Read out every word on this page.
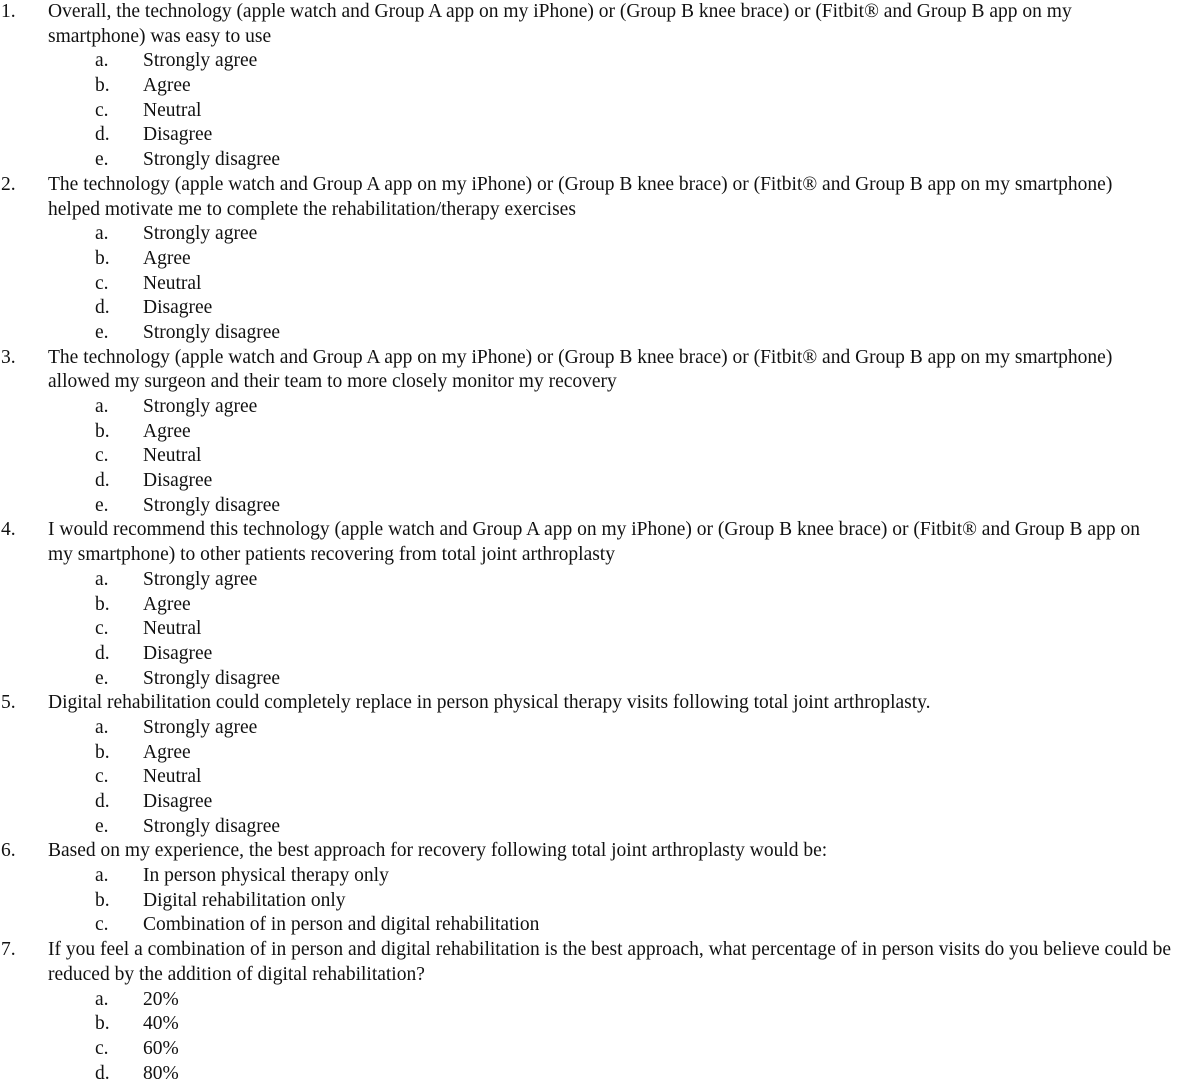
1.	Overall, the technology (apple watch and Group A app on my iPhone) or (Group B knee brace) or (Fitbit® and Group B app on my
smartphone) was easy to use
a. Strongly agree
b. Agree
c. Neutral
d. Disagree
e. Strongly disagree
2.	The technology (apple watch and Group A app on my iPhone) or (Group B knee brace) or (Fitbit® and Group B app on my smartphone)
helped motivate me to complete the rehabilitation/therapy exercises
a. Strongly agree
b. Agree
c. Neutral
d. Disagree
e. Strongly disagree
3.	The technology (apple watch and Group A app on my iPhone) or (Group B knee brace) or (Fitbit® and Group B app on my smartphone)
allowed my surgeon and their team to more closely monitor my recovery
a. Strongly agree
b. Agree
c. Neutral
d. Disagree
e. Strongly disagree
4.	I would recommend this technology (apple watch and Group A app on my iPhone) or (Group B knee brace) or (Fitbit® and Group B app on
my smartphone) to other patients recovering from total joint arthroplasty
a. Strongly agree
b. Agree
c. Neutral
d. Disagree
e. Strongly disagree
5.	Digital rehabilitation could completely replace in person physical therapy visits following total joint arthroplasty.
a. Strongly agree
b. Agree
c. Neutral
d. Disagree
e. Strongly disagree
6.	Based on my experience, the best approach for recovery following total joint arthroplasty would be:
a. In person physical therapy only
b. Digital rehabilitation only
c. Combination of in person and digital rehabilitation
7.	If you feel a combination of in person and digital rehabilitation is the best approach, what percentage of in person visits do you believe could be
reduced by the addition of digital rehabilitation?
a. 20%
b. 40%
c. 60%
d. 80%
